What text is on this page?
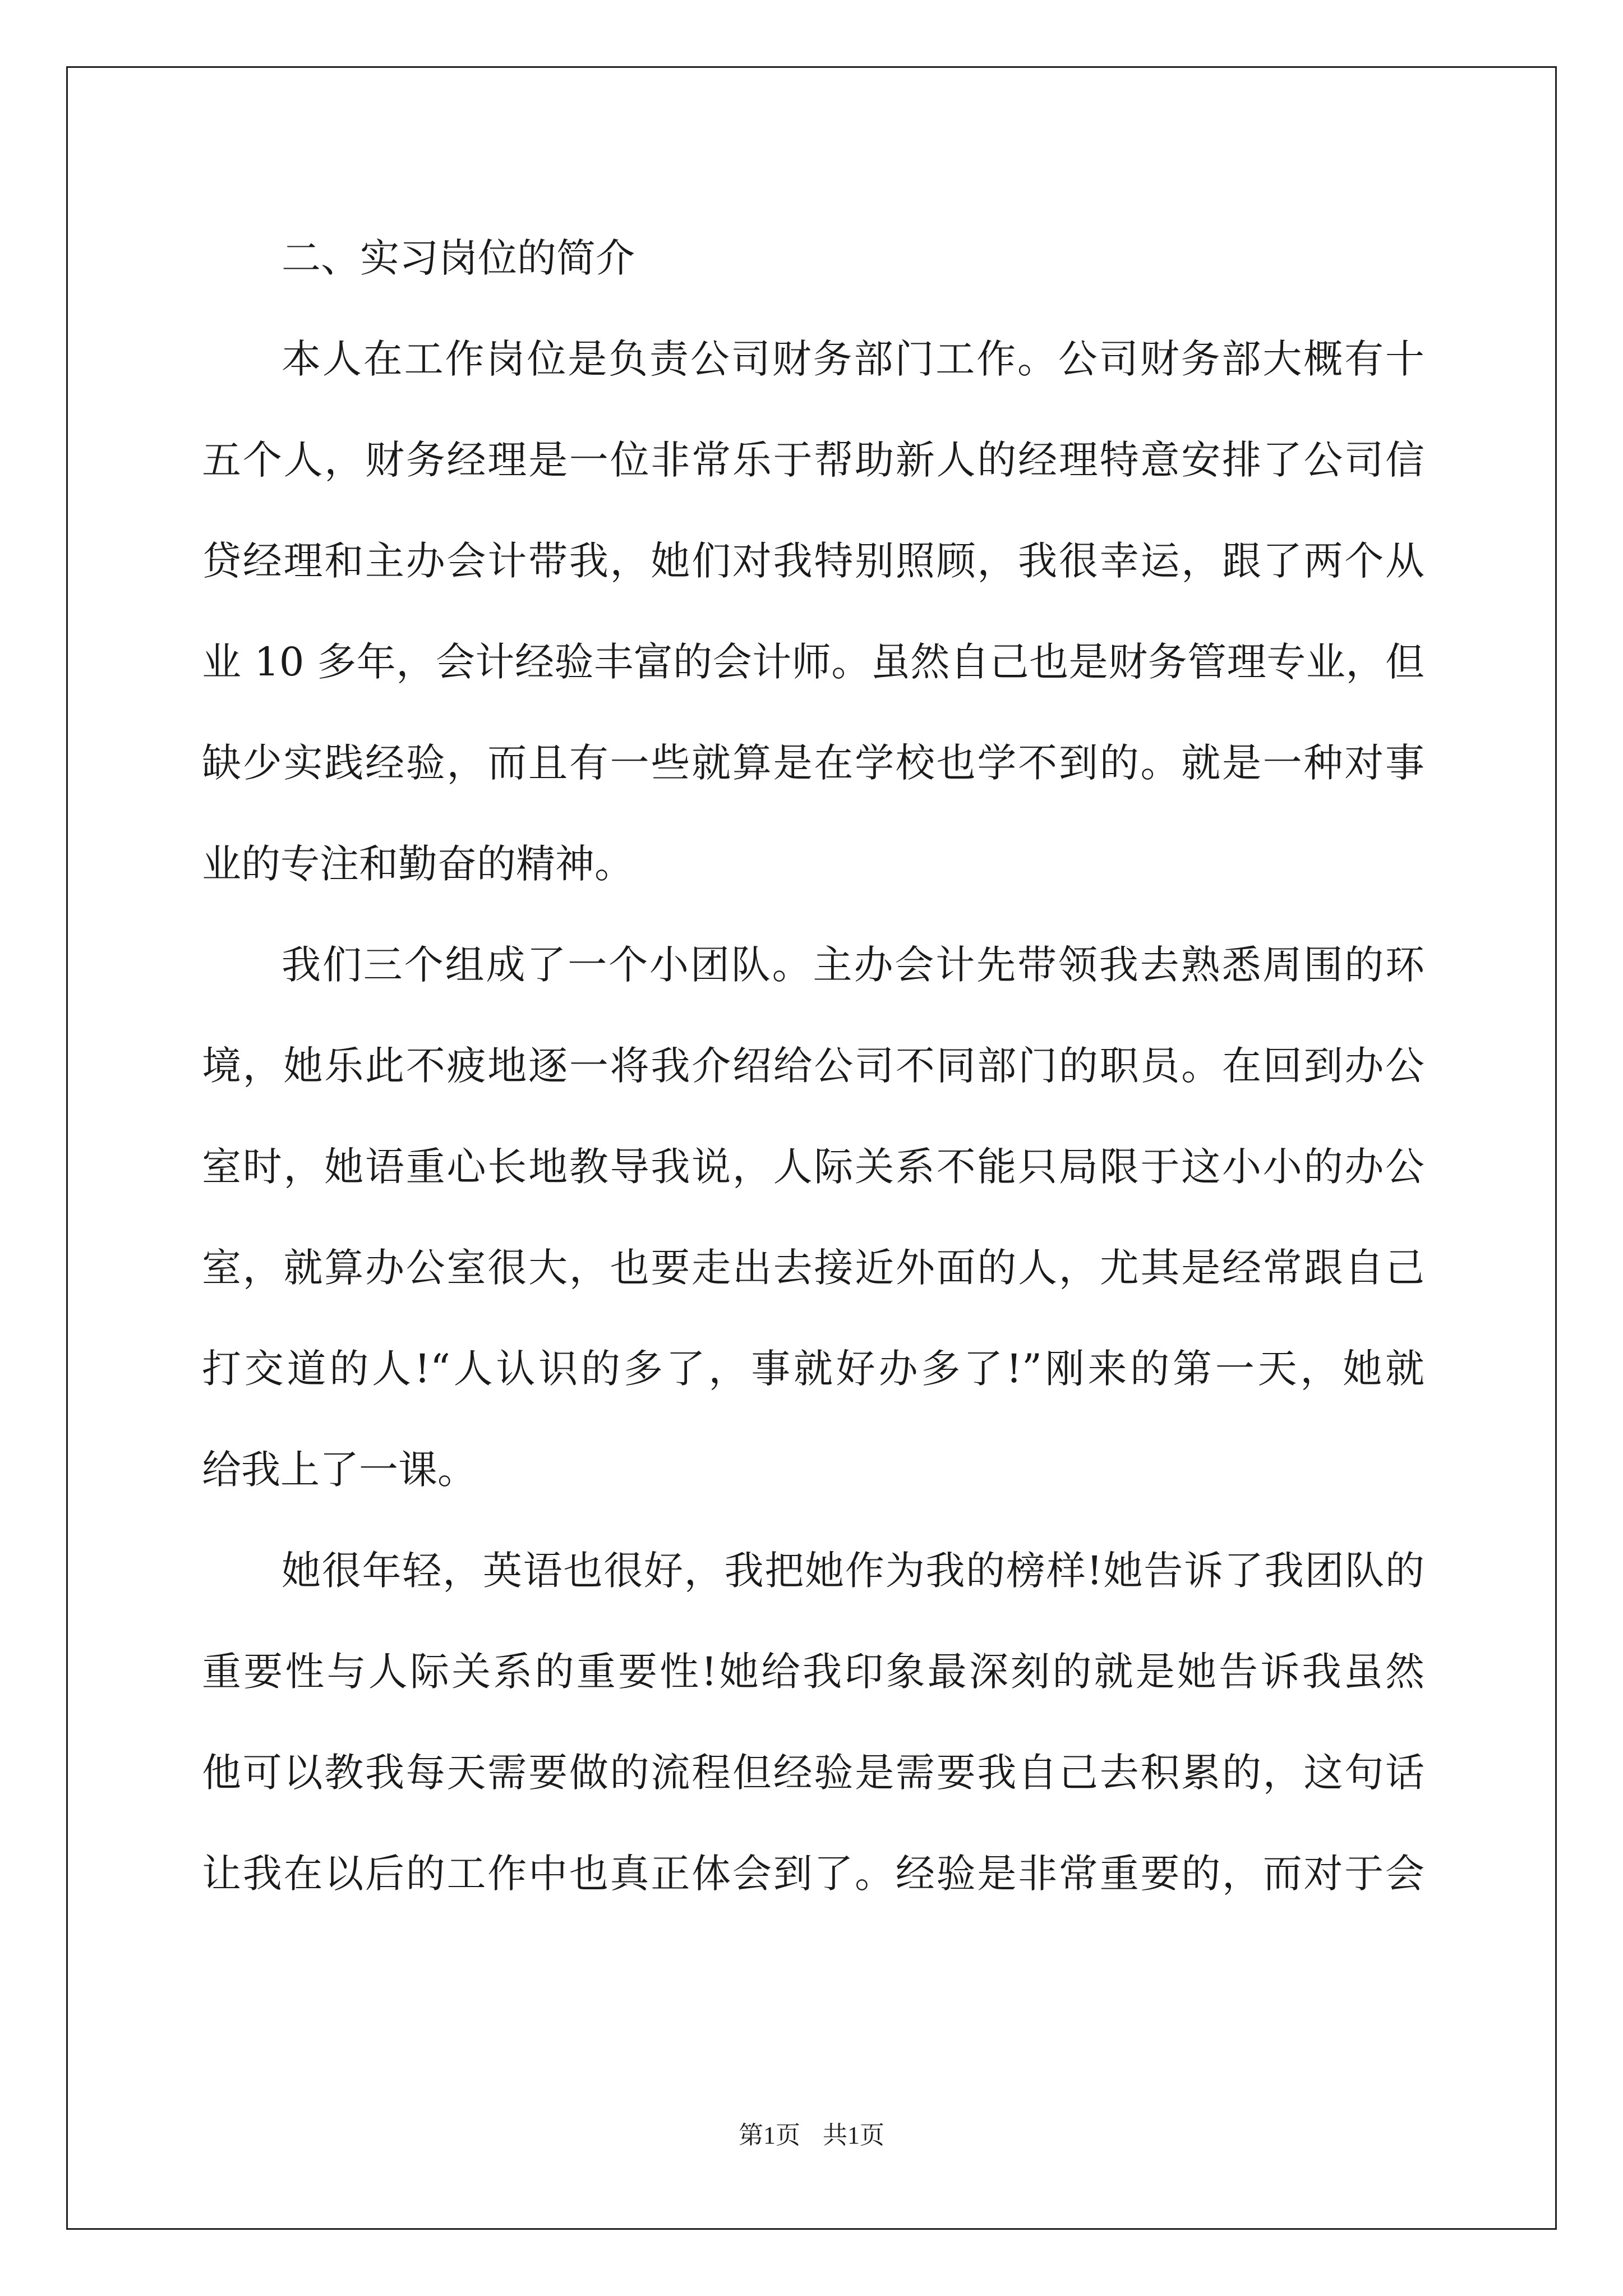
二、实习岗位的简介
本人在工作岗位是负责公司财务部门工作。公司财务部大概有十
五个人，财务经理是一位非常乐于帮助新人的经理特意安排了公司信
贷经理和主办会计带我，她们对我特别照顾，我很幸运，跟了两个从
业 10 多年，会计经验丰富的会计师。虽然自己也是财务管理专业，但
缺少实践经验，而且有一些就算是在学校也学不到的。就是一种对事
业的专注和勤奋的精神。
我们三个组成了一个小团队。主办会计先带领我去熟悉周围的环
境，她乐此不疲地逐一将我介绍给公司不同部门的职员。在回到办公
室时，她语重心长地教导我说，人际关系不能只局限于这小小的办公
室，就算办公室很大，也要走出去接近外面的人，尤其是经常跟自己
打交道的人!“人认识的多了，事就好办多了!”刚来的第一天，她就
给我上了一课。
她很年轻，英语也很好，我把她作为我的榜样!她告诉了我团队的
重要性与人际关系的重要性!她给我印象最深刻的就是她告诉我虽然
他可以教我每天需要做的流程但经验是需要我自己去积累的，这句话
让我在以后的工作中也真正体会到了。经验是非常重要的，而对于会
第1页 共1页
